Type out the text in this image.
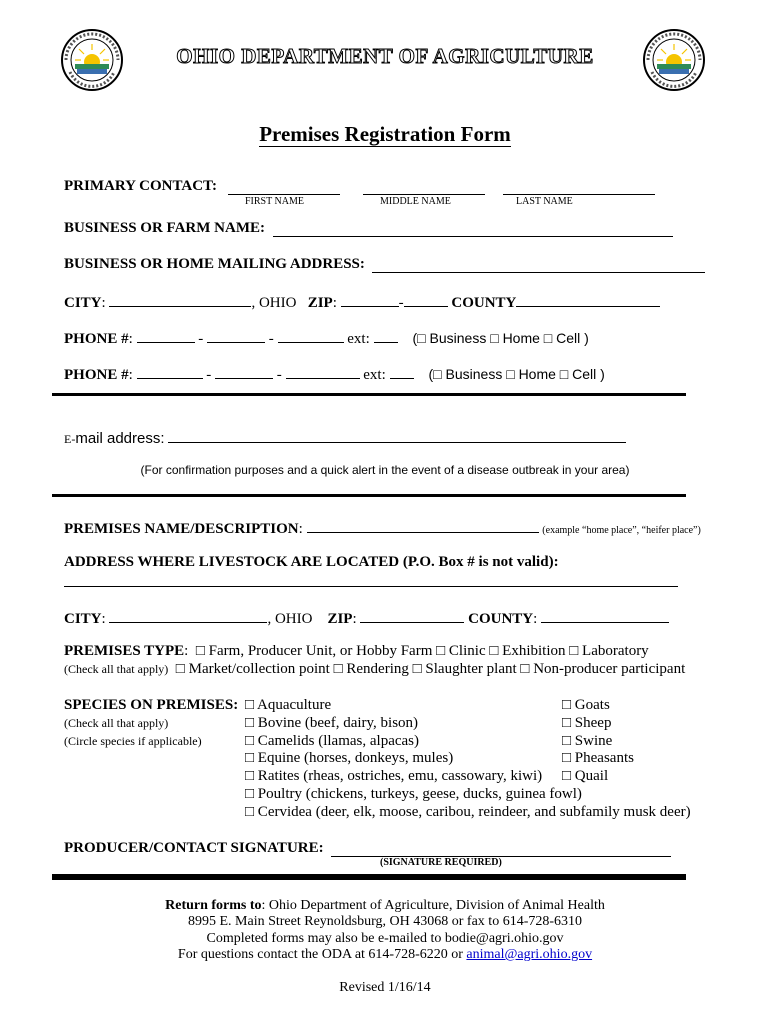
OHIO DEPARTMENT OF AGRICULTURE
Premises Registration Form
PRIMARY CONTACT:
FIRST NAME	MIDDLE NAME	LAST NAME
BUSINESS OR FARM NAME:
BUSINESS OR HOME MAILING ADDRESS:
CITY:	, OHIO ZIP:	-	COUNTY
PHONE #:	-	-	ext:	(□ Business □ Home □ Cell )
PHONE #:	-	-	ext:	(□ Business □ Home □ Cell )
E-mail address:
(For confirmation purposes and a quick alert in the event of a disease outbreak in your area)
PREMISES NAME/DESCRIPTION:	(example “home place”, “heifer place”)
ADDRESS WHERE LIVESTOCK ARE LOCATED (P.O. Box # is not valid):
CITY:	, OHIO ZIP:	COUNTY:
PREMISES TYPE:  □ Farm, Producer Unit, or Hobby Farm □ Clinic □ Exhibition □ Laboratory
(Check all that apply) □ Market/collection point □ Rendering □ Slaughter plant □ Non-producer participant
SPECIES ON PREMISES:
(Check all that apply)
(Circle species if applicable)
□ Aquaculture
□ Bovine (beef, dairy, bison)
□ Camelids (llamas, alpacas)
□ Equine (horses, donkeys, mules)
□ Ratites (rheas, ostriches, emu, cassowary, kiwi)
□ Poultry (chickens, turkeys, geese, ducks, guinea fowl)
□ Cervidea (deer, elk, moose, caribou, reindeer, and subfamily musk deer)
□ Goats
□ Sheep
□ Swine
□ Pheasants
□ Quail
PRODUCER/CONTACT SIGNATURE:
(SIGNATURE REQUIRED)
Return forms to: Ohio Department of Agriculture, Division of Animal Health
8995 E. Main Street Reynoldsburg, OH 43068 or fax to 614-728-6310
Completed forms may also be e-mailed to bodie@agri.ohio.gov
For questions contact the ODA at 614-728-6220 or animal@agri.ohio.gov
Revised 1/16/14
